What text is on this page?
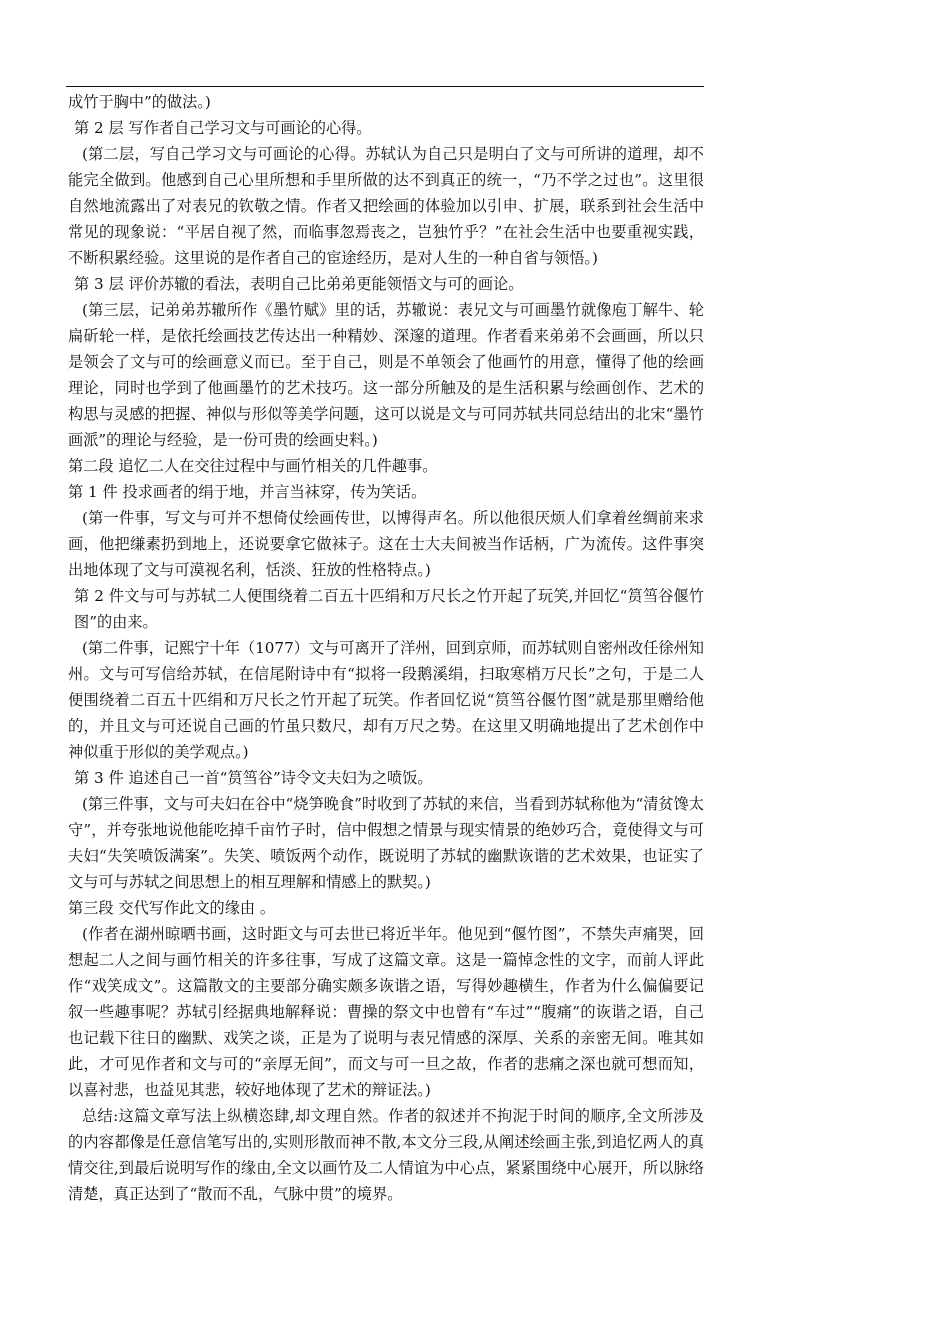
成竹于胸中”的做法。)

第 2 层 写作者自己学习文与可画论的心得。

(第二层，写自己学习文与可画论的心得。苏轼认为自己只是明白了文与可所讲的道理，却不能完全做到。他感到自己心里所想和手里所做的达不到真正的统一，“乃不学之过也”。这里很自然地流露出了对表兄的钦敬之情。作者又把绘画的体验加以引申、扩展，联系到社会生活中常见的现象说：“平居自视了然，而临事忽焉丧之，岂独竹乎？”在社会生活中也要重视实践，不断积累经验。这里说的是作者自己的宦途经历，是对人生的一种自省与领悟。)

第 3 层 评价苏辙的看法，表明自己比弟弟更能领悟文与可的画论。

(第三层，记弟弟苏辙所作《墨竹赋》里的话，苏辙说：表兄文与可画墨竹就像庖丁解牛、轮扁斫轮一样，是依托绘画技艺传达出一种精妙、深邃的道理。作者看来弟弟不会画画，所以只是领会了文与可的绘画意义而已。至于自己，则是不单领会了他画竹的用意，懂得了他的绘画理论，同时也学到了他画墨竹的艺术技巧。这一部分所触及的是生活积累与绘画创作、艺术的构思与灵感的把握、神似与形似等美学问题，这可以说是文与可同苏轼共同总结出的北宋“墨竹画派”的理论与经验，是一份可贵的绘画史料。)

第二段 追忆二人在交往过程中与画竹相关的几件趣事。

第 1 件 投求画者的绢于地，并言当袜穿，传为笑话。

(第一件事，写文与可并不想倚仗绘画传世，以博得声名。所以他很厌烦人们拿着丝绸前来求画，他把缣素扔到地上，还说要拿它做袜子。这在士大夫间被当作话柄，广为流传。这件事突出地体现了文与可漠视名利，恬淡、狂放的性格特点。)

第 2 件文与可与苏轼二人便围绕着二百五十匹绢和万尺长之竹开起了玩笑,并回忆“筼筜谷偃竹图”的由来。

(第二件事，记熙宁十年（1077）文与可离开了洋州，回到京师，而苏轼则自密州改任徐州知州。文与可写信给苏轼，在信尾附诗中有“拟将一段鹅溪绢，扫取寒梢万尺长”之句，于是二人便围绕着二百五十匹绢和万尺长之竹开起了玩笑。作者回忆说“筼筜谷偃竹图”就是那里赠给他的，并且文与可还说自己画的竹虽只数尺，却有万尺之势。在这里又明确地提出了艺术创作中神似重于形似的美学观点。)

第 3 件 追述自己一首“筼筜谷”诗令文夫妇为之喷饭。

(第三件事，文与可夫妇在谷中“烧笋晚食”时收到了苏轼的来信，当看到苏轼称他为“清贫馋太守”，并夸张地说他能吃掉千亩竹子时，信中假想之情景与现实情景的绝妙巧合，竟使得文与可夫妇“失笑喷饭满案”。失笑、喷饭两个动作，既说明了苏轼的幽默诙谐的艺术效果，也证实了文与可与苏轼之间思想上的相互理解和情感上的默契。)

第三段 交代写作此文的缘由 。

(作者在湖州晾晒书画，这时距文与可去世已将近半年。他见到“偃竹图”，不禁失声痛哭，回想起二人之间与画竹相关的许多往事，写成了这篇文章。这是一篇悼念性的文字，而前人评此作“戏笑成文”。这篇散文的主要部分确实颇多诙谐之语，写得妙趣横生，作者为什么偏偏要记叙一些趣事呢？苏轼引经据典地解释说：曹操的祭文中也曾有“车过”“腹痛”的诙谐之语，自己也记载下往日的幽默、戏笑之谈，正是为了说明与表兄情感的深厚、关系的亲密无间。唯其如此，才可见作者和文与可的“亲厚无间”，而文与可一旦之故，作者的悲痛之深也就可想而知，以喜衬悲，也益见其悲，较好地体现了艺术的辩证法。)

总结:这篇文章写法上纵横恣肆,却文理自然。作者的叙述并不拘泥于时间的顺序,全文所涉及的内容都像是任意信笔写出的,实则形散而神不散,本文分三段,从阐述绘画主张,到追忆两人的真情交往,到最后说明写作的缘由,全文以画竹及二人情谊为中心点，紧紧围绕中心展开，所以脉络清楚，真正达到了“散而不乱，气脉中贯”的境界。
